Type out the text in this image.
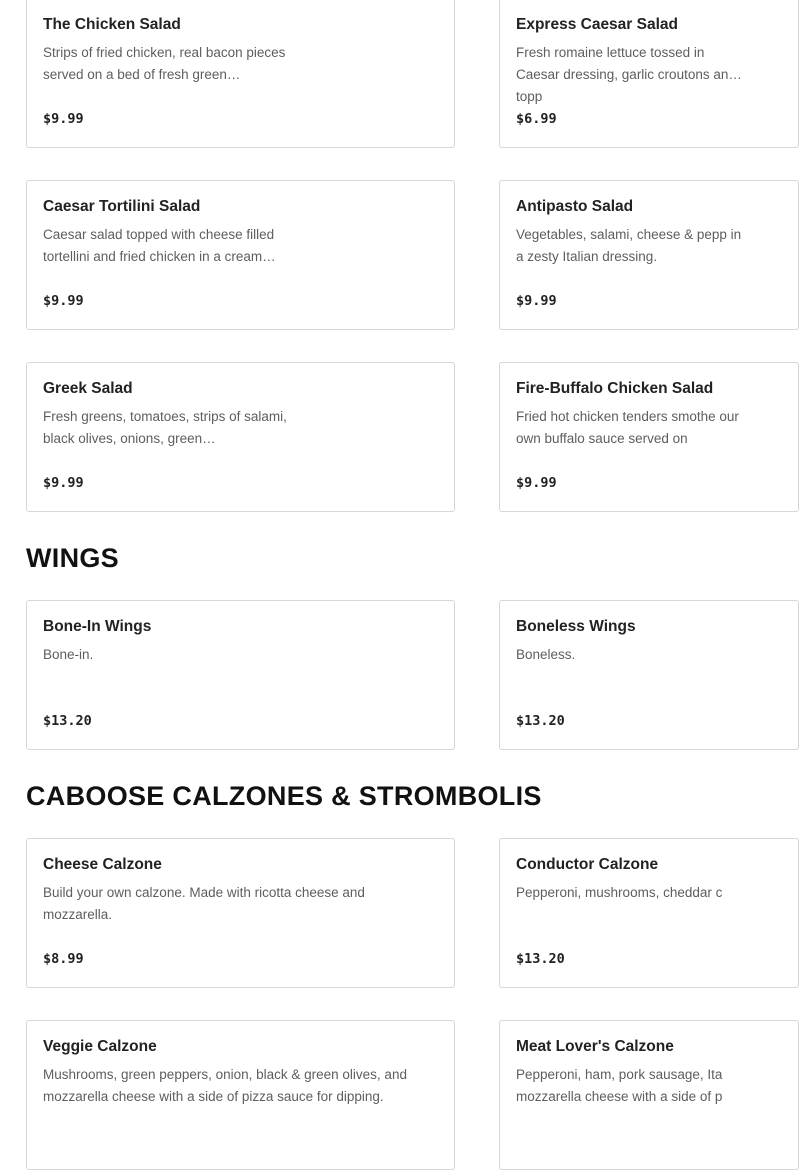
The Chicken Salad
Strips of fried chicken, real bacon pieces served on a bed of fresh green…
$9.99
Express Caesar Salad
Fresh romaine lettuce tossed in Caesar dressing, garlic croutons and topp
$6.99
Caesar Tortilini Salad
Caesar salad topped with cheese filled tortellini and fried chicken in a cream…
$9.99
Antipasto Salad
Vegetables, salami, cheese & pepp in a zesty Italian dressing.
$9.99
Greek Salad
Fresh greens, tomatoes, strips of salami, black olives, onions, green…
$9.99
Fire-Buffalo Chicken Salad
Fried hot chicken tenders smothe our own buffalo sauce served on
$9.99
WINGS
Bone-In Wings
Bone-in.
$13.20
Boneless Wings
Boneless.
$13.20
CABOOSE CALZONES & STROMBOLIS
Cheese Calzone
Build your own calzone. Made with ricotta cheese and mozzarella.
$8.99
Conductor Calzone
Pepperoni, mushrooms, cheddar c
$13.20
Veggie Calzone
Mushrooms, green peppers, onion, black & green olives, and mozzarella cheese with a side of pizza sauce for dipping.
Meat Lover's Calzone
Pepperoni, ham, pork sausage, Ita mozzarella cheese with a side of p
